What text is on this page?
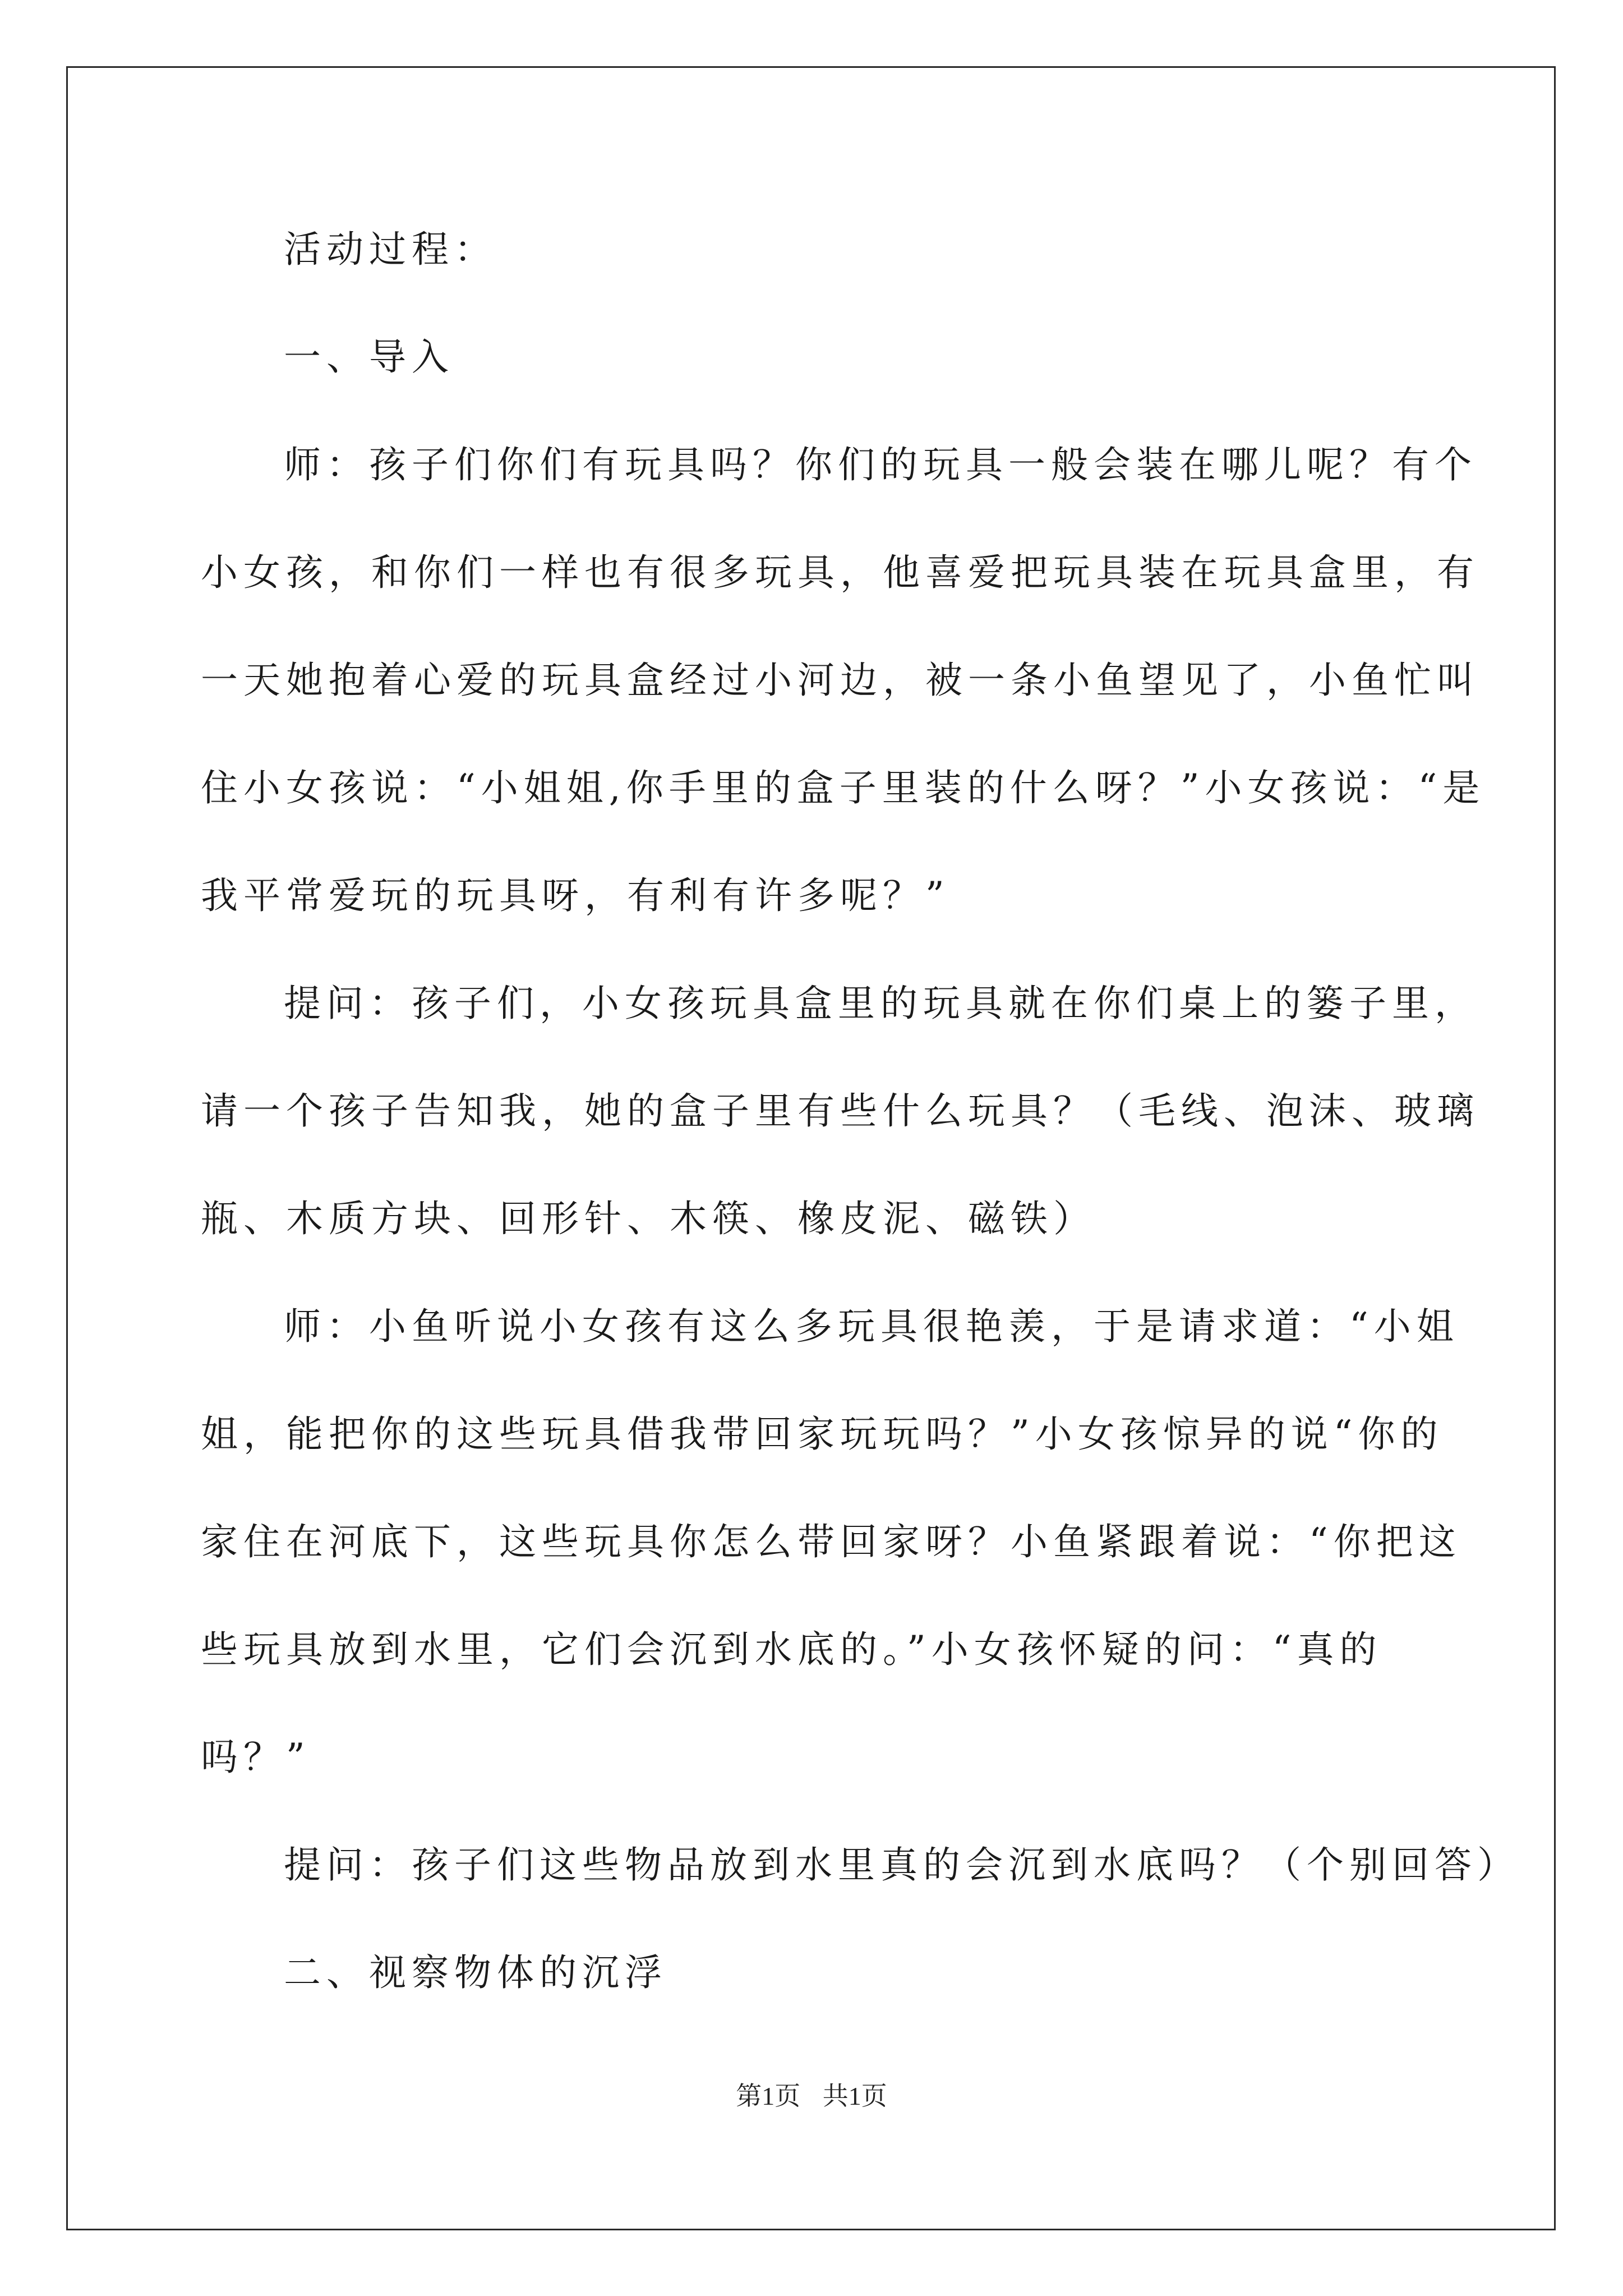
活动过程：
一、导入
师：孩子们你们有玩具吗？你们的玩具一般会装在哪儿呢？有个
小女孩，和你们一样也有很多玩具，他喜爱把玩具装在玩具盒里，有
一天她抱着心爱的玩具盒经过小河边，被一条小鱼望见了，小鱼忙叫
住小女孩说：“小姐姐,你手里的盒子里装的什么呀？”小女孩说：“是
我平常爱玩的玩具呀，有利有许多呢？”
提问：孩子们，小女孩玩具盒里的玩具就在你们桌上的篓子里，
请一个孩子告知我，她的盒子里有些什么玩具？（毛线、泡沫、玻璃
瓶、木质方块、回形针、木筷、橡皮泥、磁铁）
师：小鱼听说小女孩有这么多玩具很艳羡，于是请求道：“小姐
姐，能把你的这些玩具借我带回家玩玩吗？”小女孩惊异的说“你的
家住在河底下，这些玩具你怎么带回家呀？小鱼紧跟着说：“你把这
些玩具放到水里，它们会沉到水底的。”小女孩怀疑的问：“真的
吗？”
提问：孩子们这些物品放到水里真的会沉到水底吗？（个别回答）
二、视察物体的沉浮
第1页 共1页
